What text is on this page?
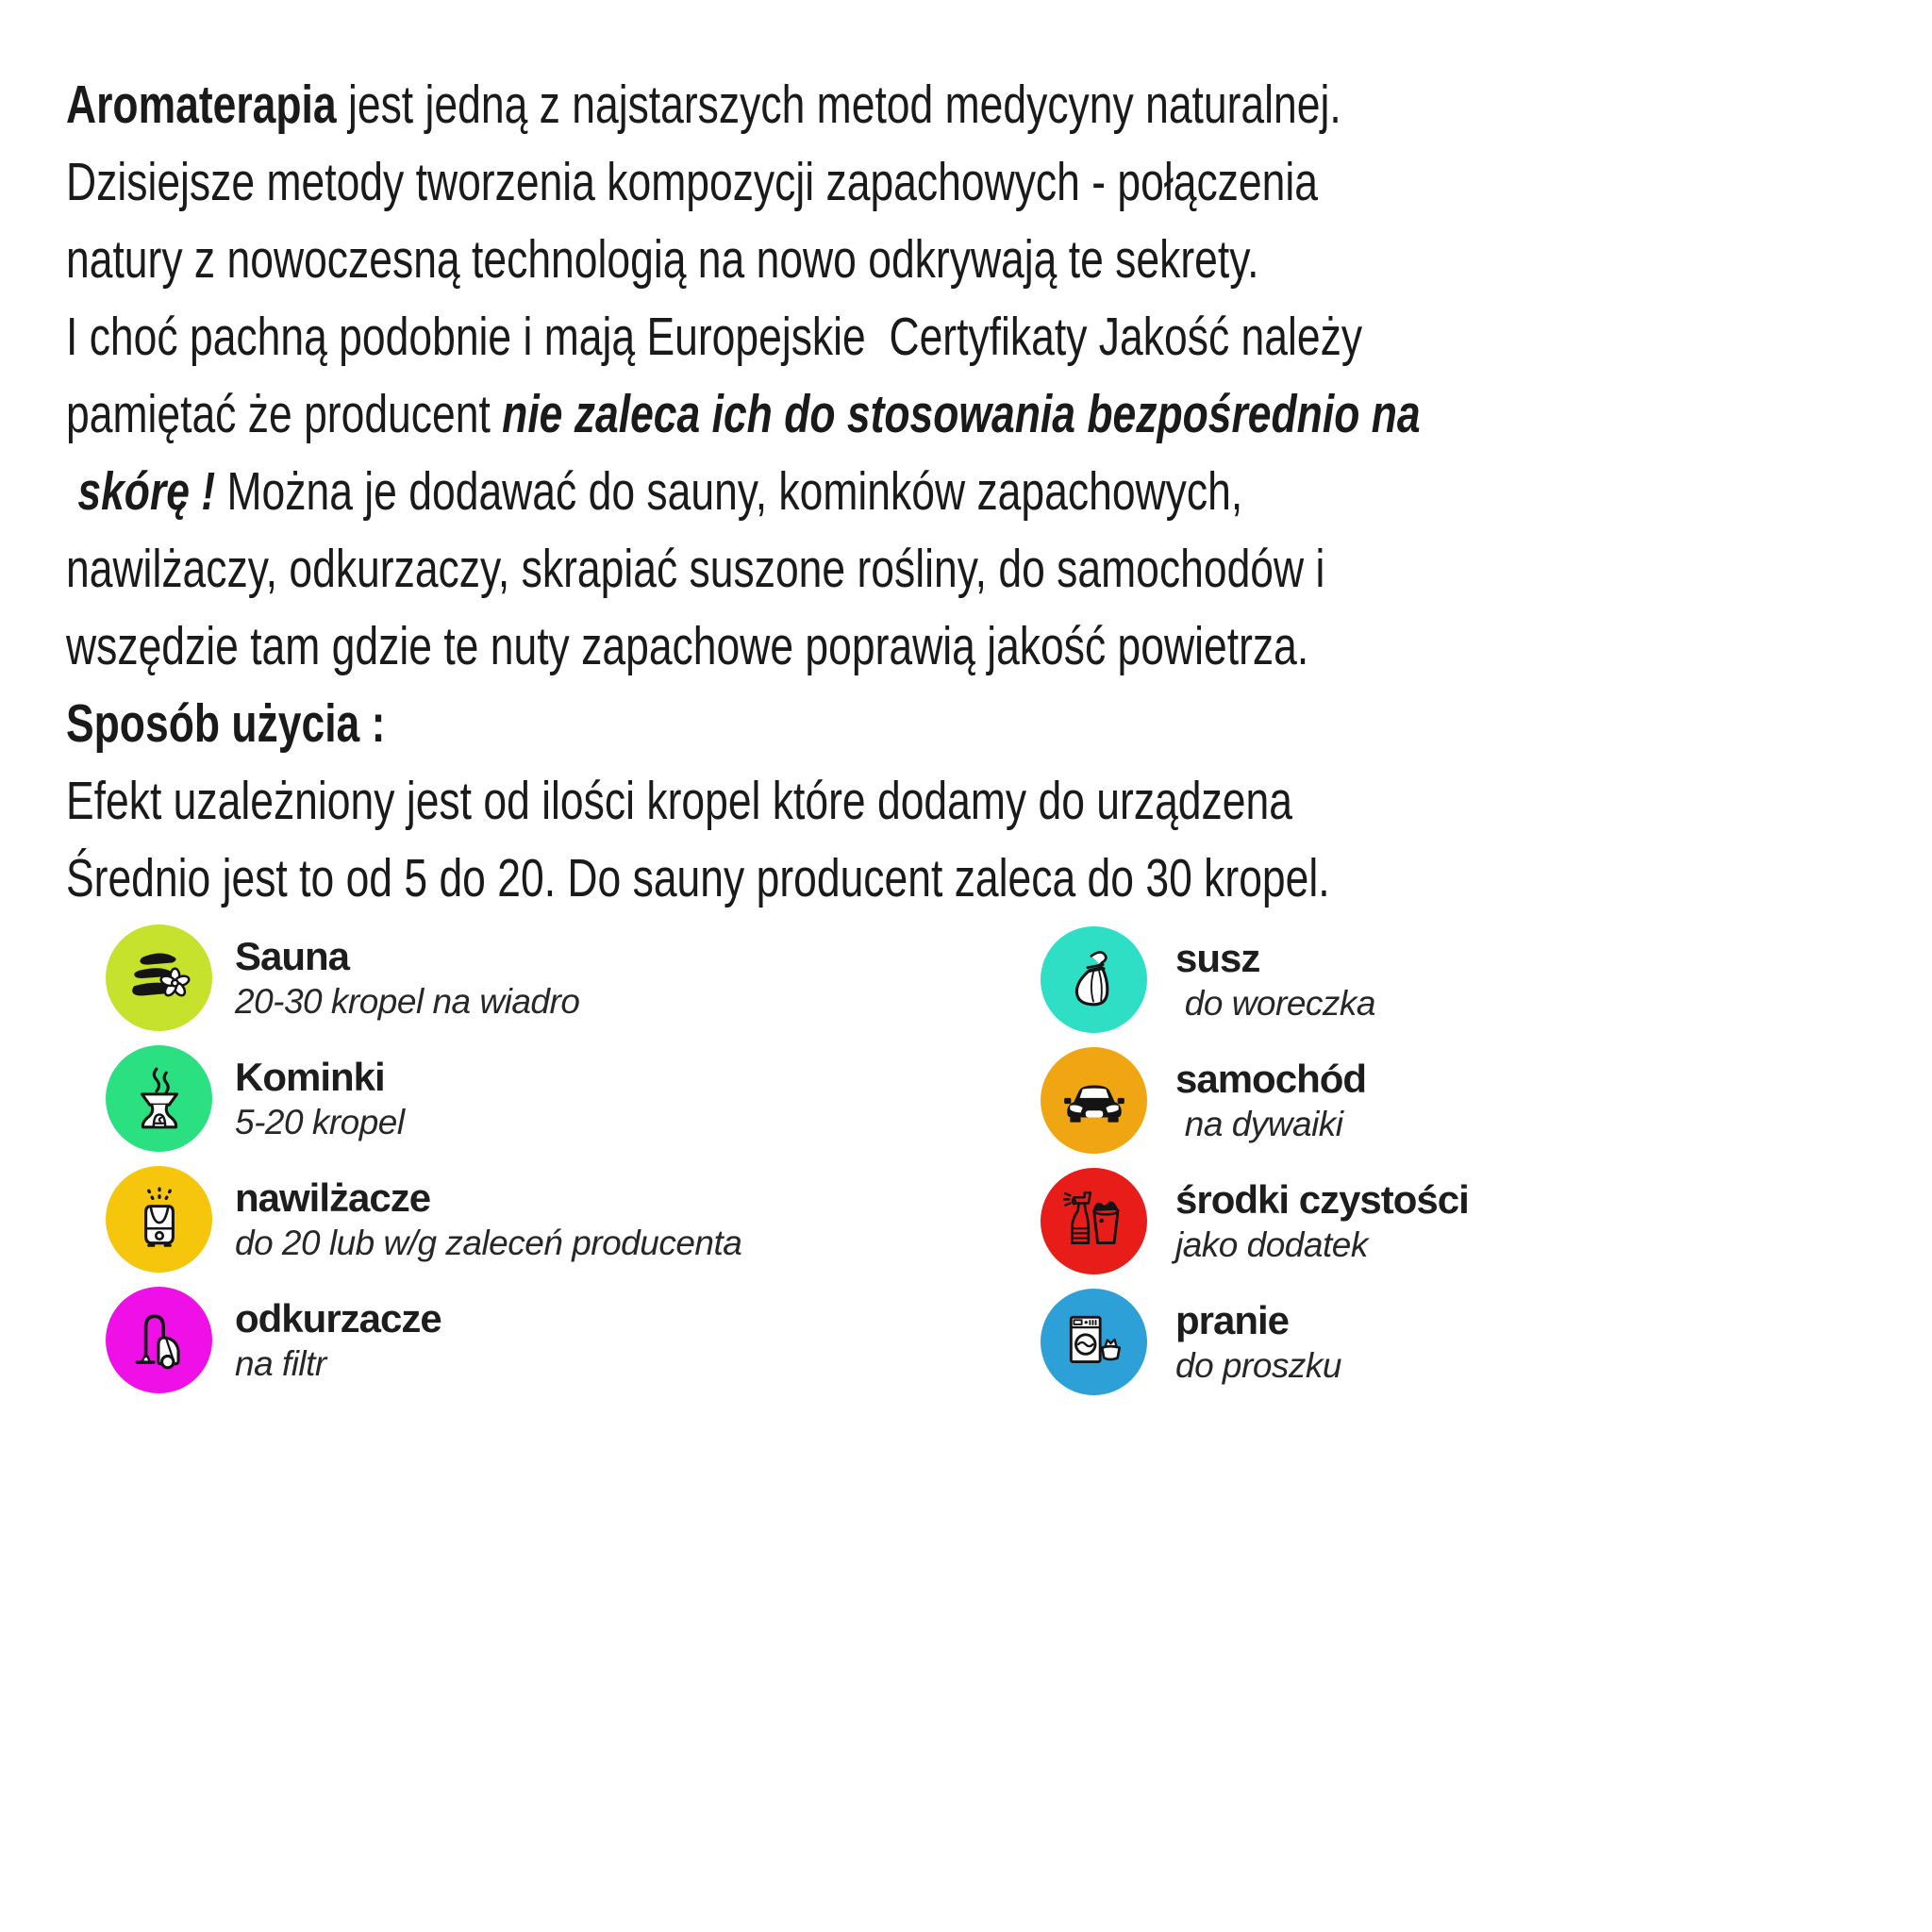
Aromaterapia jest jedną z najstarszych metod medycyny naturalnej.
Dzisiejsze metody tworzenia kompozycji zapachowych - połączenia
natury z nowoczesną technologią na nowo odkrywają te sekrety.
I choć pachną podobnie i mają Europejskie  Certyfikaty Jakość należy
pamiętać że producent nie zaleca ich do stosowania bezpośrednio na
skórę ! Można je dodawać do sauny, kominków zapachowych,
nawilżaczy, odkurzaczy, skrapiać suszone rośliny, do samochodów i
wszędzie tam gdzie te nuty zapachowe poprawią jakość powietrza.
Sposób użycia :
Efekt uzależniony jest od ilości kropel które dodamy do urządzena
Średnio jest to od 5 do 20. Do sauny producent zaleca do 30 kropel.
Sauna
20-30 kropel na wiadro
Kominki
5-20 kropel
nawilżacze
do 20 lub w/g zaleceń producenta
odkurzacze
na filtr
susz
do woreczka
samochód
na dywaiki
środki czystości
jako dodatek
pranie
do proszku
